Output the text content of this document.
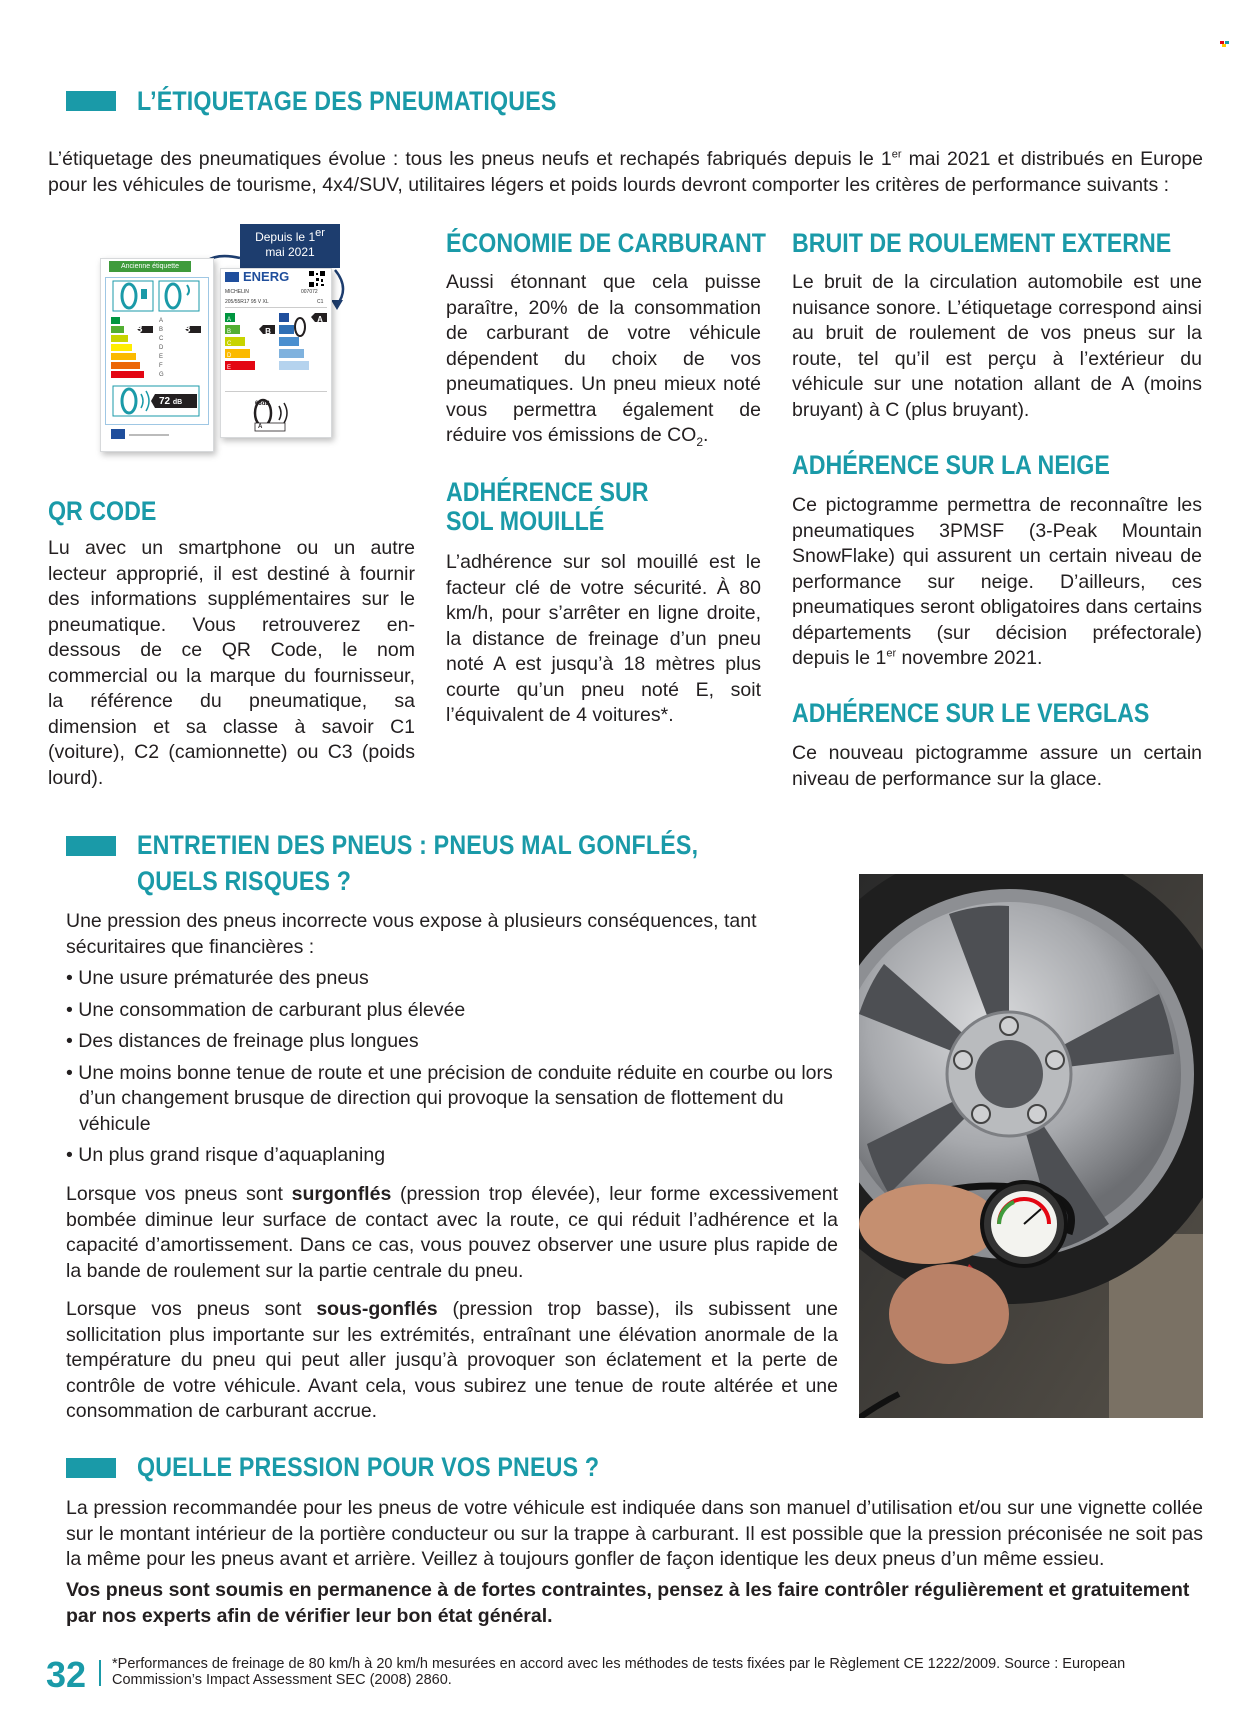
L’ÉTIQUETAGE DES PNEUMATIQUES
L’étiquetage des pneumatiques évolue : tous les pneus neufs et rechapés fabriqués depuis le 1er mai 2021 et distribués en Europe pour les véhicules de tourisme, 4x4/SUV, utilitaires légers et poids lourds devront comporter les critères de performance suivants :
Depuis le 1er
mai 2021
Ancienne étiquette
B	B
A
B
C
D
E
F
G
72 dB
ENERG
MICHELIN	007072
205/55R17 95 V XL	C1
B
A
A
B
C
D
E
68dB
A
QR CODE
Lu avec un smartphone ou un autre lecteur approprié, il est destiné à fournir des informations supplémentaires sur le pneumatique. Vous retrouverez en-dessous de ce QR Code, le nom commercial ou la marque du fournisseur, la référence du pneumatique, sa dimension et sa classe à savoir C1 (voiture), C2 (camionnette) ou C3 (poids lourd).
ÉCONOMIE DE CARBURANT
Aussi étonnant que cela puisse paraître, 20% de la consommation de carburant de votre véhicule dépendent du choix de vos pneumatiques. Un pneu mieux noté vous permettra également de réduire vos émissions de $CO_2$.
ADHÉRENCE SUR
SOL MOUILLÉ
L’adhérence sur sol mouillé est le facteur clé de votre sécurité. À 80 km/h, pour s’arrêter en ligne droite, la distance de freinage d’un pneu noté A est jusqu’à 18 mètres plus courte qu’un pneu noté E, soit l’équivalent de 4 voitures*.
BRUIT DE ROULEMENT EXTERNE
Le bruit de la circulation automobile est une nuisance sonore. L’étiquetage correspond ainsi au bruit de roulement de vos pneus sur la route, tel qu’il est perçu à l’extérieur du véhicule sur une notation allant de A (moins bruyant) à C (plus bruyant).
ADHÉRENCE SUR LA NEIGE
Ce pictogramme permettra de reconnaître les pneumatiques 3PMSF (3-Peak Mountain SnowFlake) qui assurent un certain niveau de performance sur neige. D’ailleurs, ces pneumatiques seront obligatoires dans certains départements (sur décision préfectorale) depuis le 1er novembre 2021.
ADHÉRENCE SUR LE VERGLAS
Ce nouveau pictogramme assure un certain niveau de performance sur la glace.
ENTRETIEN DES PNEUS : PNEUS MAL GONFLÉS,
QUELS RISQUES ?
Une pression des pneus incorrecte vous expose à plusieurs conséquences, tant sécuritaires que financières :
• Une usure prématurée des pneus
• Une consommation de carburant plus élevée
• Des distances de freinage plus longues
• Une moins bonne tenue de route et une précision de conduite réduite en courbe ou lors d’un changement brusque de direction qui provoque la sensation de flottement du véhicule
• Un plus grand risque d’aquaplaning
Lorsque vos pneus sont surgonflés (pression trop élevée), leur forme excessivement bombée diminue leur surface de contact avec la route, ce qui réduit l’adhérence et la capacité d’amortissement. Dans ce cas, vous pouvez observer une usure plus rapide de la bande de roulement sur la partie centrale du pneu.
Lorsque vos pneus sont sous-gonflés (pression trop basse), ils subissent une sollicitation plus importante sur les extrémités, entraînant une élévation anormale de la température du pneu qui peut aller jusqu’à provoquer son éclatement et la perte de contrôle de votre véhicule. Avant cela, vous subirez une tenue de route altérée et une consommation de carburant accrue.
QUELLE PRESSION POUR VOS PNEUS ?
La pression recommandée pour les pneus de votre véhicule est indiquée dans son manuel d’utilisation et/ou sur une vignette collée sur le montant intérieur de la portière conducteur ou sur la trappe à carburant. Il est possible que la pression préconisée ne soit pas la même pour les pneus avant et arrière. Veillez à toujours gonfler de façon identique les deux pneus d’un même essieu.
Vos pneus sont soumis en permanence à de fortes contraintes, pensez à les faire contrôler régulièrement et gratuitement par nos experts afin de vérifier leur bon état général.
32 *Performances de freinage de 80 km/h à 20 km/h mesurées en accord avec les méthodes de tests fixées par le Règlement CE 1222/2009. Source : European Commission’s Impact Assessment SEC (2008) 2860.
